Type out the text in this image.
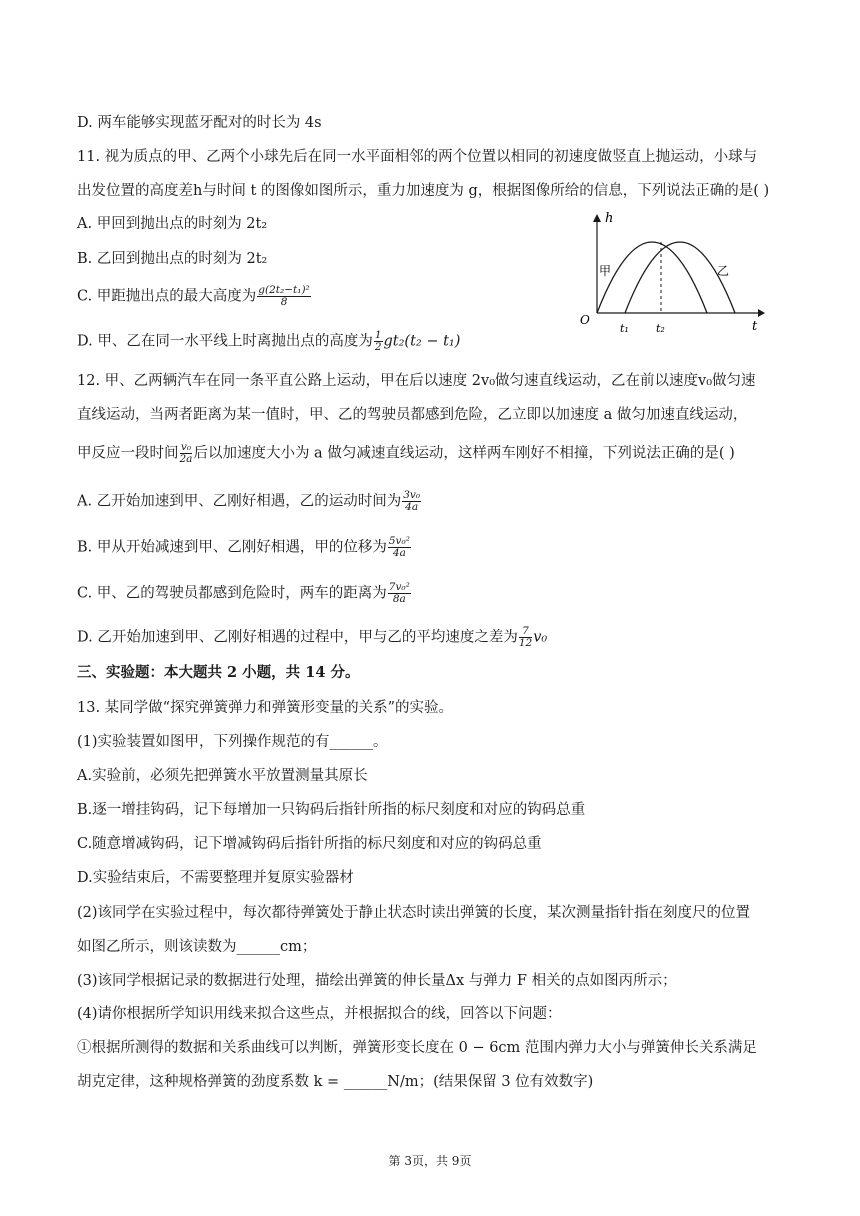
D. 两车能够实现蓝牙配对的时长为 4s
11. 视为质点的甲、乙两个小球先后在同一水平面相邻的两个位置以相同的初速度做竖直上抛运动，小球与
出发位置的高度差h与时间 t 的图像如图所示，重力加速度为 g，根据图像所给的信息，下列说法正确的是( )
A. 甲回到抛出点的时刻为 2t₂
B. 乙回到抛出点的时刻为 2t₂
C. 甲距抛出点的最大高度为 $\frac{\text{g(2t₂−t₁)²}}{8}$
D. 甲、乙在同一水平线上时离抛出点的高度为 $\frac{1}{2} gt_2(t_2 - t_1)$
h
t
O
t₁ t₂
甲	乙
12. 甲、乙两辆汽车在同一条平直公路上运动，甲在后以速度 2v₀做匀速直线运动，乙在前以速度v₀做匀速
直线运动，当两者距离为某一值时，甲、乙的驾驶员都感到危险，乙立即以加速度 a 做匀加速直线运动，
甲反应一段时间 $\frac{\text{v₀}}{2a}$ 后以加速度大小为 a 做匀减速直线运动，这样两车刚好不相撞，下列说法正确的是( )
A. 乙开始加速到甲、乙刚好相遇，乙的运动时间为 $\frac{\text{3v₀}}{4a}$
B. 甲从开始减速到甲、乙刚好相遇，甲的位移为 $\frac{\text{5v₀²}}{4a}$
C. 甲、乙的驾驶员都感到危险时，两车的距离为 $\frac{\text{7v₀²}}{8a}$
D. 乙开始加速到甲、乙刚好相遇的过程中，甲与乙的平均速度之差为 $\frac{7}{12} v_0$
三、实验题：本大题共 2 小题，共 14 分。
13. 某同学做“探究弹簧弹力和弹簧形变量的关系”的实验。
(1)实验装置如图甲，下列操作规范的有______。
A.实验前，必须先把弹簧水平放置测量其原长
B.逐一增挂钩码，记下每增加一只钩码后指针所指的标尺刻度和对应的钩码总重
C.随意增减钩码，记下增减钩码后指针所指的标尺刻度和对应的钩码总重
D.实验结束后，不需要整理并复原实验器材
(2)该同学在实验过程中，每次都待弹簧处于静止状态时读出弹簧的长度，某次测量指针指在刻度尺的位置
如图乙所示，则该读数为______cm；
(3)该同学根据记录的数据进行处理，描绘出弹簧的伸长量Δx 与弹力 F 相关的点如图丙所示；
(4)请你根据所学知识用线来拟合这些点，并根据拟合的线，回答以下问题：
①根据所测得的数据和关系曲线可以判断，弹簧形变长度在 0 − 6cm 范围内弹力大小与弹簧伸长关系满足
胡克定律，这种规格弹簧的劲度系数 k = ______N/m；(结果保留 3 位有效数字)
第 3页，共 9页
